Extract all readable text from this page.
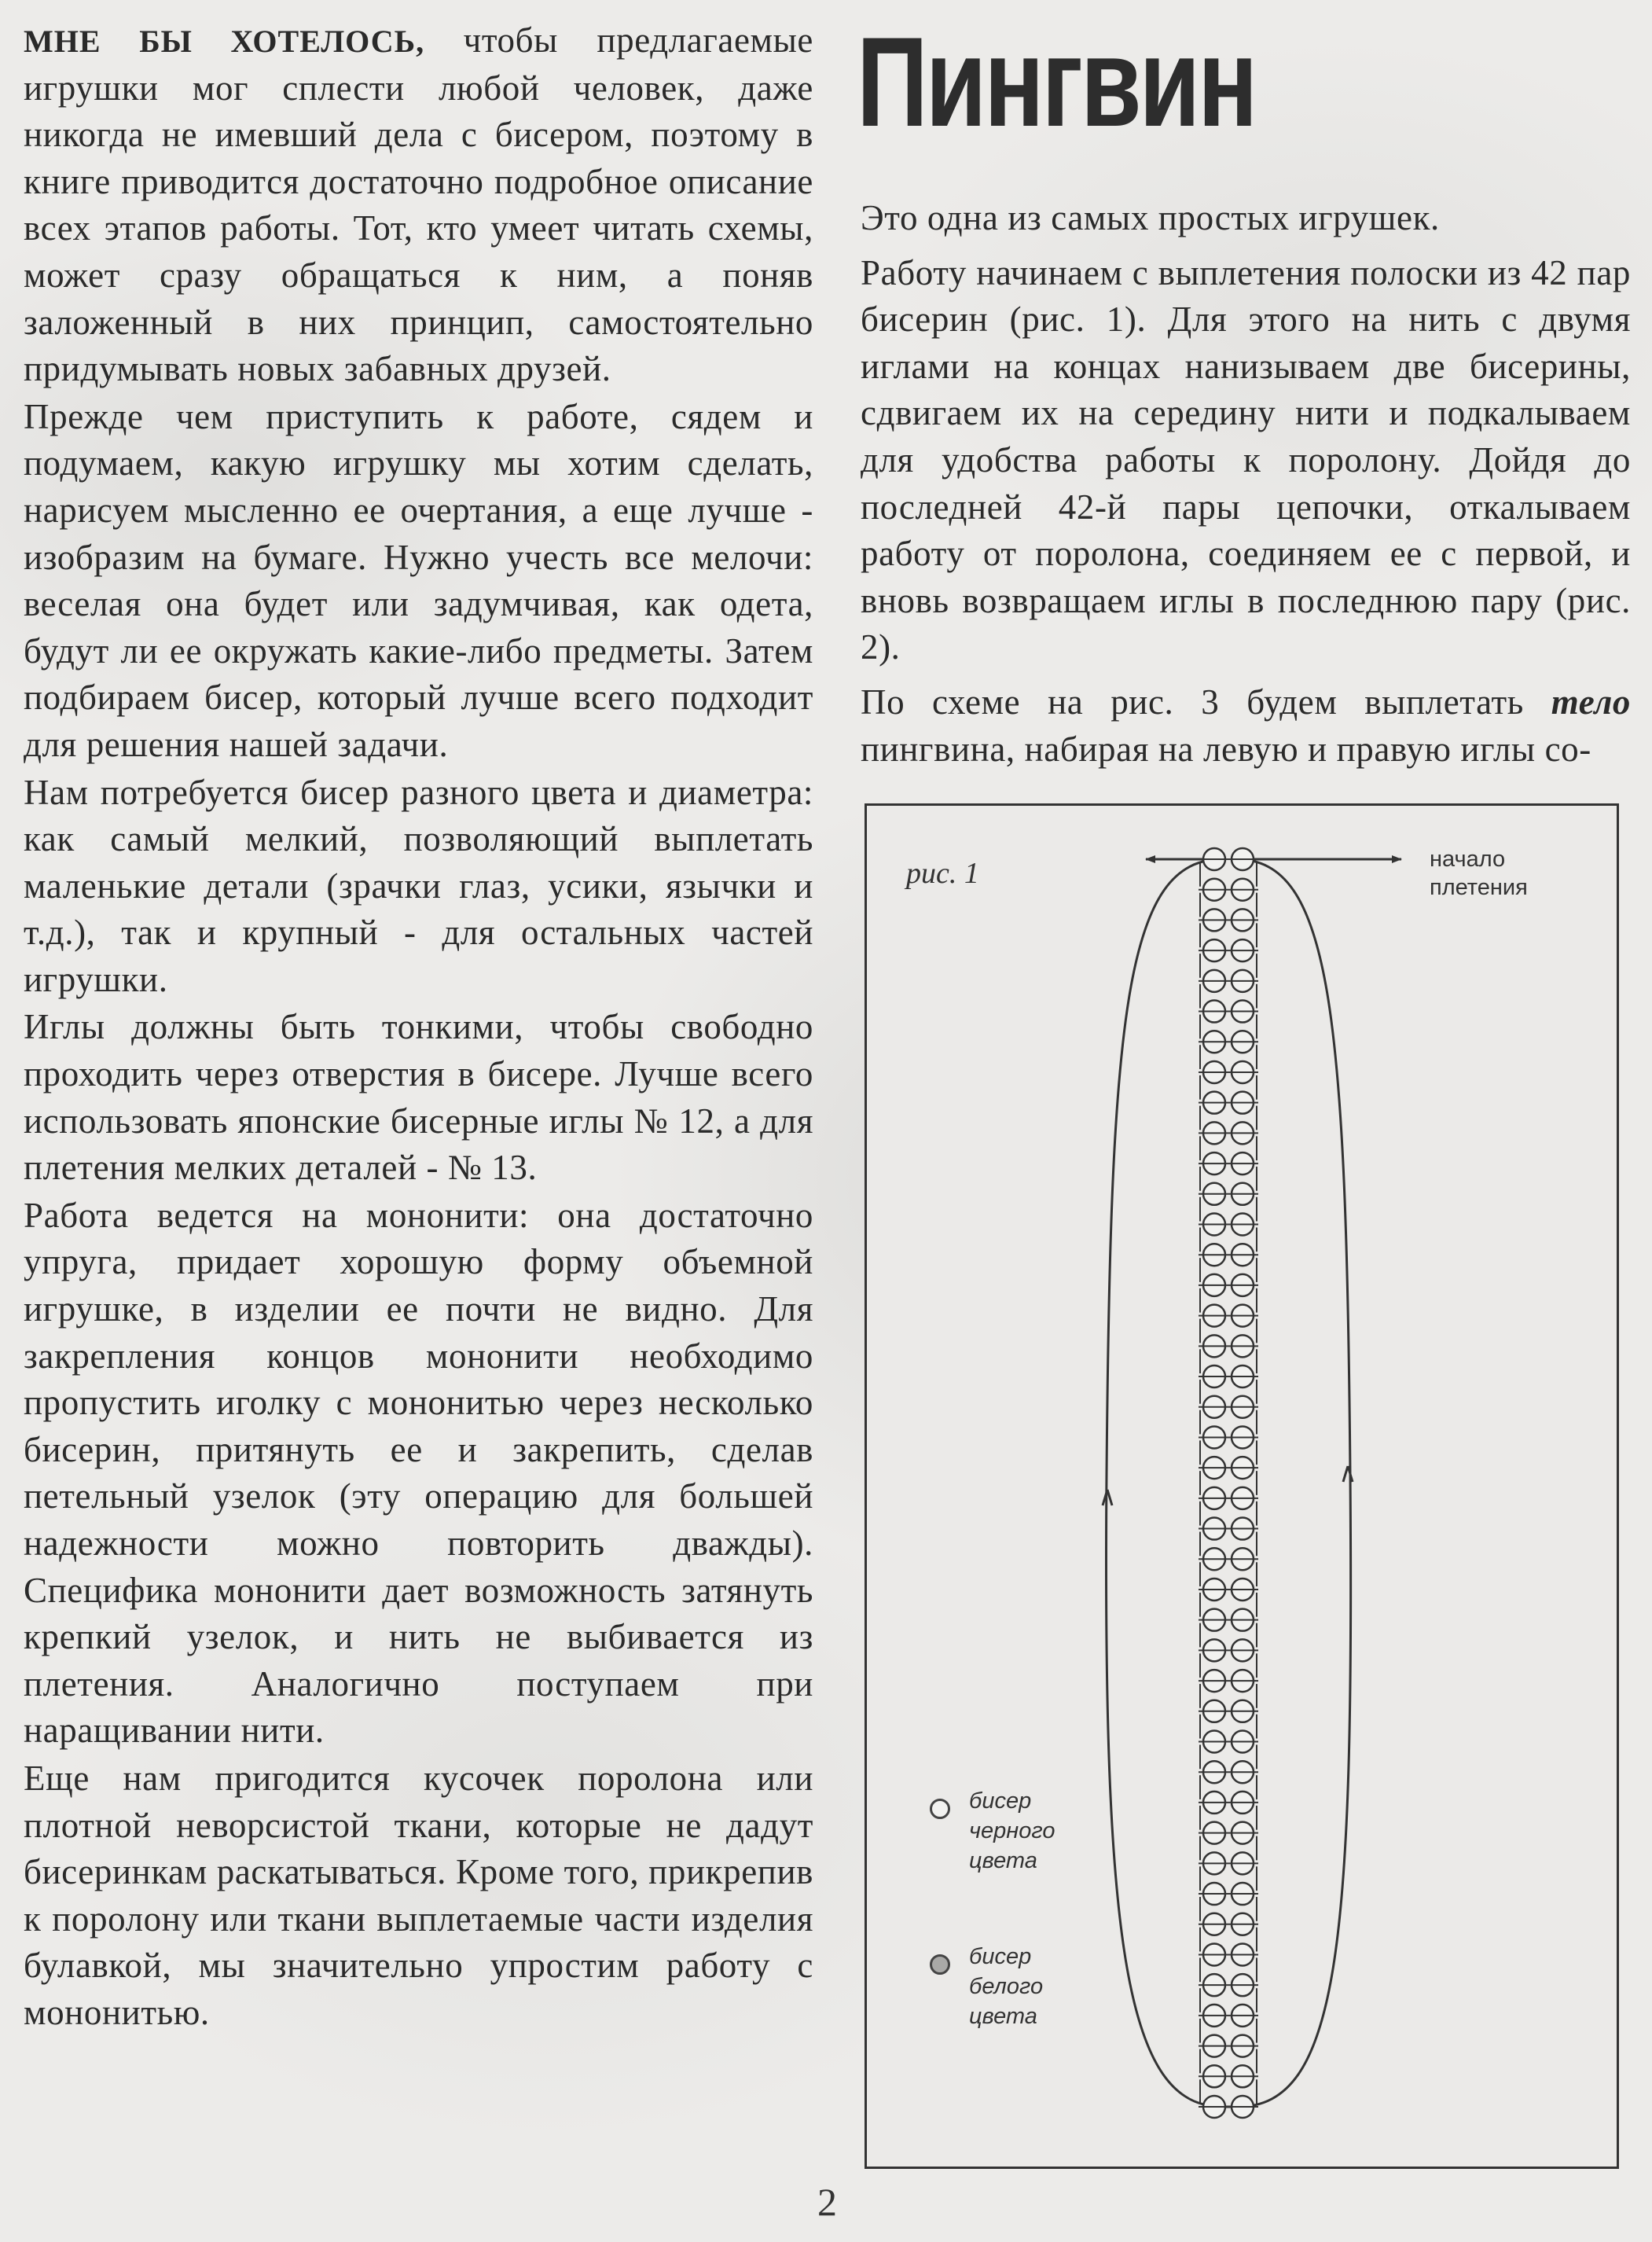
МНЕ БЫ ХОТЕЛОСЬ, чтобы предлагаемые игрушки мог сплести любой человек, даже никогда не имевший дела с бисером, поэтому в книге приводится достаточно подробное описание всех этапов работы. Тот, кто умеет читать схемы, может сразу обращаться к ним, а поняв заложенный в них принцип, самостоятельно придумывать новых забавных друзей.

Прежде чем приступить к работе, сядем и подумаем, какую игрушку мы хотим сделать, нарисуем мысленно ее очертания, а еще лучше - изобразим на бумаге. Нужно учесть все мелочи: веселая она будет или задумчивая, как одета, будут ли ее окружать какие-либо предметы. Затем подбираем бисер, который лучше всего подходит для решения нашей задачи.

Нам потребуется бисер разного цвета и диаметра: как самый мелкий, позволяющий выплетать маленькие детали (зрачки глаз, усики, язычки и т.д.), так и крупный - для остальных частей игрушки.

Иглы должны быть тонкими, чтобы свободно проходить через отверстия в бисере. Лучше всего использовать японские бисерные иглы № 12, а для плетения мелких деталей - № 13.

Работа ведется на мононити: она достаточно упруга, придает хорошую форму объемной игрушке, в изделии ее почти не видно. Для закрепления концов мононити необходимо пропустить иголку с мононитью через несколько бисерин, притянуть ее и закрепить, сделав петельный узелок (эту операцию для большей надежности можно повторить дважды). Специфика мононити дает возможность затянуть крепкий узелок, и нить не выбивается из плетения. Аналогично поступаем при наращивании нити.

Еще нам пригодится кусочек поролона или плотной неворсистой ткани, которые не дадут бисеринкам раскатываться. Кроме того, прикрепив к поролону или ткани выплетаемые части изделия булавкой, мы значительно упростим работу с мононитью.

Пингвин

Это одна из самых простых игрушек.

Работу начинаем с выплетения полоски из 42 пар бисерин (рис. 1). Для этого на нить с двумя иглами на концах нанизываем две бисерины, сдвигаем их на середину нити и подкалываем для удобства работы к поролону. Дойдя до последней 42-й пары цепочки, откалываем работу от поролона, соединяем ее с первой, и вновь возвращаем иглы в последнюю пару (рис. 2).

По схеме на рис. 3 будем выплетать тело пингвина, набирая на левую и правую иглы со-

рис. 1	начало
плетения
бисер
черного
цвета
бисер
белого
цвета
2
